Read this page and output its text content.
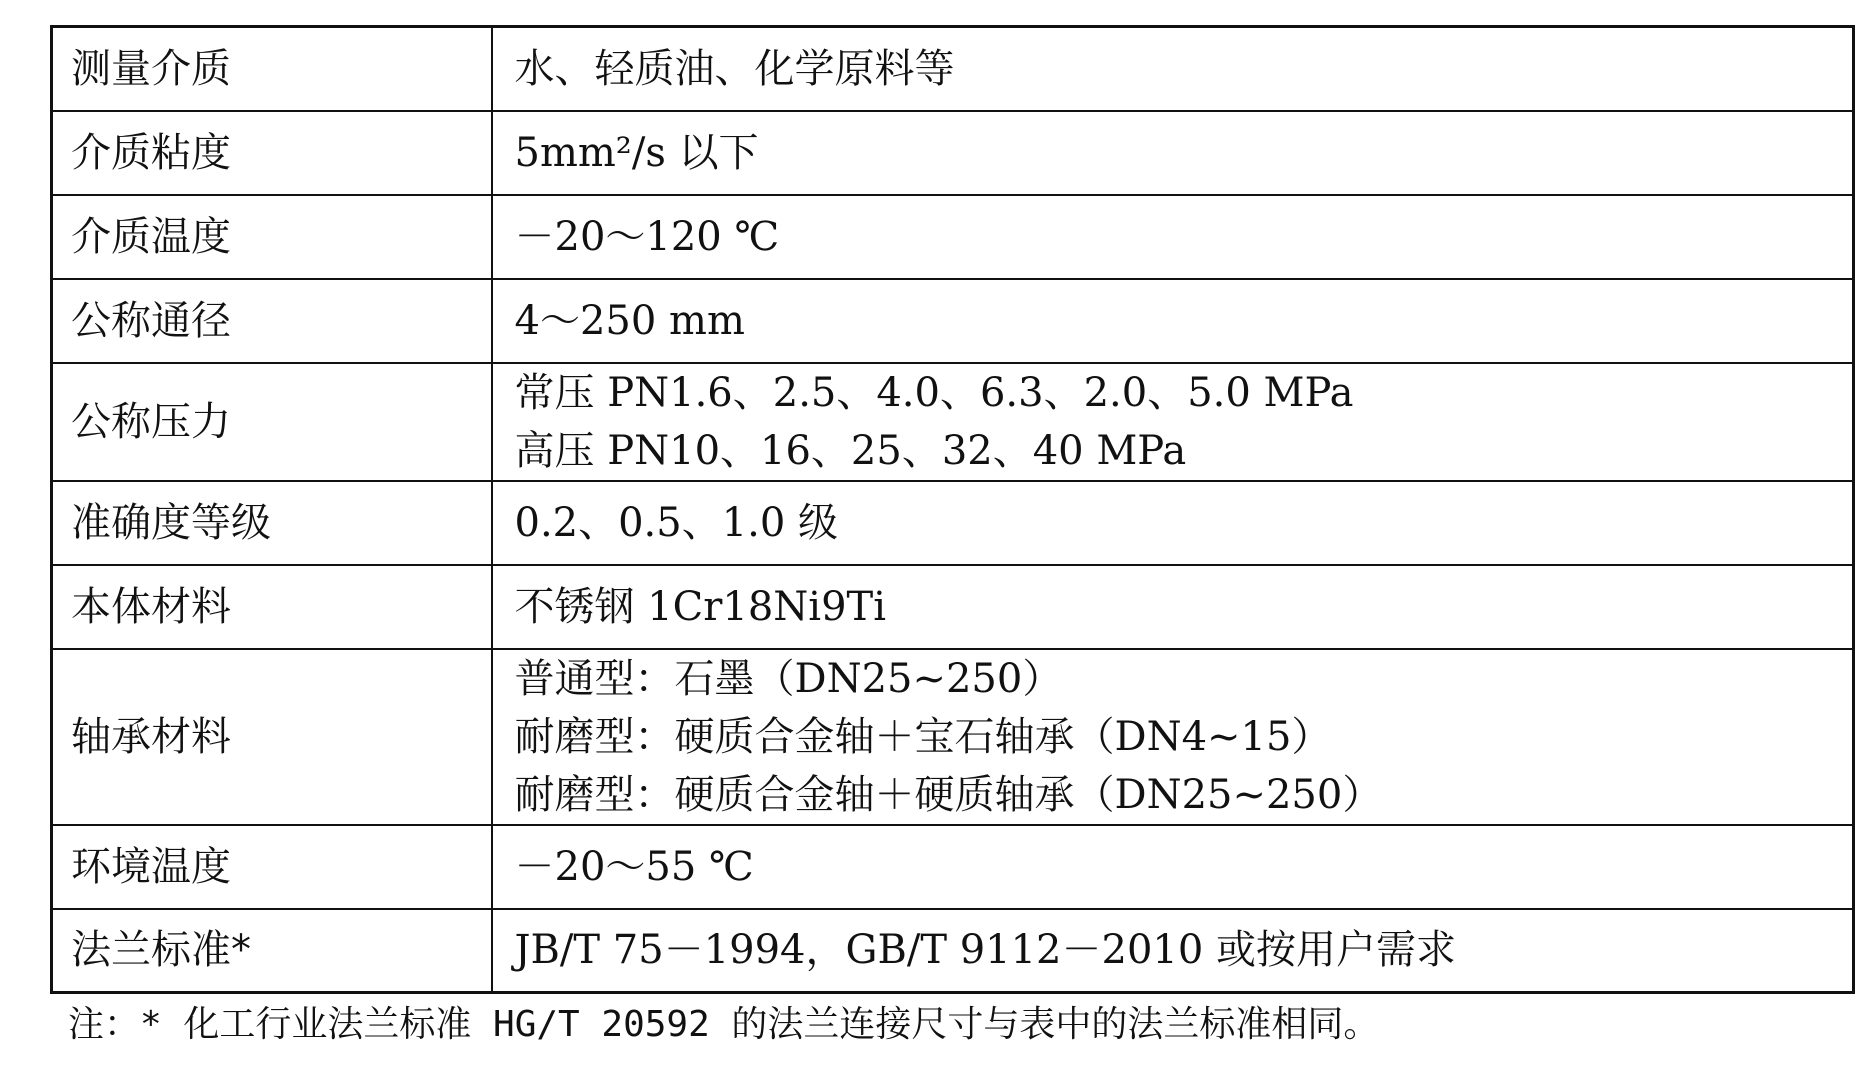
测量介质	水、轻质油、化学原料等

介质粘度	5mm²/s 以下

介质温度	－20～120 ℃

公称通径	4～250 mm

公称压力	常压 PN1.6、2.5、4.0、6.3、2.0、5.0 MPa
高压 PN10、16、25、32、40 MPa

准确度等级	0.2、0.5、1.0 级

本体材料	不锈钢 1Cr18Ni9Ti

轴承材料	普通型：石墨（DN25~250）
耐磨型：硬质合金轴＋宝石轴承（DN4~15）
耐磨型：硬质合金轴＋硬质轴承（DN25~250）

环境温度	－20～55 ℃

法兰标准*	JB/T 75－1994，GB/T 9112－2010 或按用户需求
注：* 化工行业法兰标准 HG/T 20592 的法兰连接尺寸与表中的法兰标准相同。
